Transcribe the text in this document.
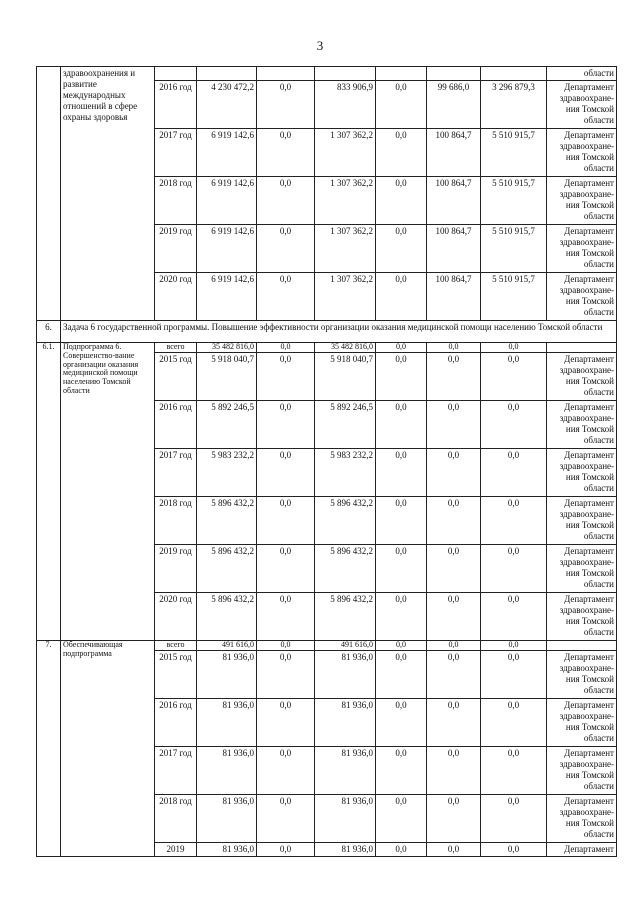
3
	здравоохранения и развитие международных отношений в сфере охраны здоровья								области
		2016 год	4 230 472,2	0,0	833 906,9	0,0	99 686,0	3 296 879,3	Департамент здравоохране-ния Томской области
		2017 год	6 919 142,6	0,0	1 307 362,2	0,0	100 864,7	5 510 915,7	Департамент здравоохране-ния Томской области
		2018 год	6 919 142,6	0,0	1 307 362,2	0,0	100 864,7	5 510 915,7	Департамент здравоохране-ния Томской области
		2019 год	6 919 142,6	0,0	1 307 362,2	0,0	100 864,7	5 510 915,7	Департамент здравоохране-ния Томской области
		2020 год	6 919 142,6	0,0	1 307 362,2	0,0	100 864,7	5 510 915,7	Департамент здравоохране-ния Томской области
6.	Задача 6 государственной программы. Повышение эффективности организации оказания медицинской помощи населению Томской области								
6.1.	Подпрограмма 6. Совершенство-вание организации оказания медицинской помощи населению Томской области	всего	35 482 816,0	0,0	35 482 816,0	0,0	0,0	0,0	
		2015 год	5 918 040,7	0,0	5 918 040,7	0,0	0,0	0,0	Департамент здравоохране-ния Томской области
		2016 год	5 892 246,5	0,0	5 892 246,5	0,0	0,0	0,0	Департамент здравоохране-ния Томской области
		2017 год	5 983 232,2	0,0	5 983 232,2	0,0	0,0	0,0	Департамент здравоохране-ния Томской области
		2018 год	5 896 432,2	0,0	5 896 432,2	0,0	0,0	0,0	Департамент здравоохране-ния Томской области
		2019 год	5 896 432,2	0,0	5 896 432,2	0,0	0,0	0,0	Департамент здравоохране-ния Томской области
		2020 год	5 896 432,2	0,0	5 896 432,2	0,0	0,0	0,0	Департамент здравоохране-ния Томской области
7.	Обеспечивающая подпрограмма	всего	491 616,0	0,0	491 616,0	0,0	0,0	0,0	
		2015 год	81 936,0	0,0	81 936,0	0,0	0,0	0,0	Департамент здравоохране-ния Томской области
		2016 год	81 936,0	0,0	81 936,0	0,0	0,0	0,0	Департамент здравоохране-ния Томской области
		2017 год	81 936,0	0,0	81 936,0	0,0	0,0	0,0	Департамент здравоохране-ния Томской области
		2018 год	81 936,0	0,0	81 936,0	0,0	0,0	0,0	Департамент здравоохране-ния Томской области
		2019	81 936,0	0,0	81 936,0	0,0	0,0	0,0	Департамент
